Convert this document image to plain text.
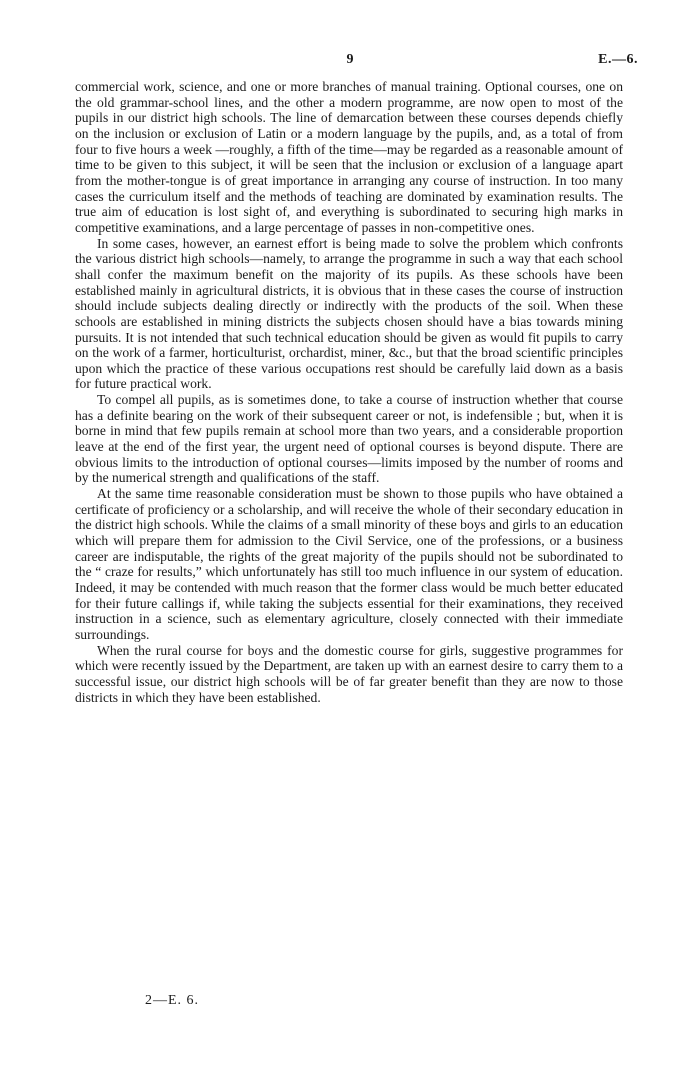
9	E.—6.

commercial work, science, and one or more branches of manual training. Optional courses, one on the old grammar-school lines, and the other a modern programme, are now open to most of the pupils in our district high schools. The line of demarcation between these courses depends chiefly on the inclusion or exclusion of Latin or a modern language by the pupils, and, as a total of from four to five hours a week —roughly, a fifth of the time—may be regarded as a reasonable amount of time to be given to this subject, it will be seen that the inclusion or exclusion of a language apart from the mother-tongue is of great importance in arranging any course of instruction. In too many cases the curriculum itself and the methods of teaching are dominated by examination results. The true aim of education is lost sight of, and everything is subordinated to securing high marks in competitive examinations, and a large percentage of passes in non-competitive ones.

In some cases, however, an earnest effort is being made to solve the problem which confronts the various district high schools—namely, to arrange the programme in such a way that each school shall confer the maximum benefit on the majority of its pupils. As these schools have been established mainly in agricultural districts, it is obvious that in these cases the course of instruction should include subjects dealing directly or indirectly with the products of the soil. When these schools are established in mining districts the subjects chosen should have a bias towards mining pursuits. It is not intended that such technical education should be given as would fit pupils to carry on the work of a farmer, horticulturist, orchardist, miner, &c., but that the broad scientific principles upon which the practice of these various occupations rest should be carefully laid down as a basis for future practical work.

To compel all pupils, as is sometimes done, to take a course of instruction whether that course has a definite bearing on the work of their subsequent career or not, is indefensible ; but, when it is borne in mind that few pupils remain at school more than two years, and a considerable proportion leave at the end of the first year, the urgent need of optional courses is beyond dispute. There are obvious limits to the introduction of optional courses—limits imposed by the number of rooms and by the numerical strength and qualifications of the staff.

At the same time reasonable consideration must be shown to those pupils who have obtained a certificate of proficiency or a scholarship, and will receive the whole of their secondary education in the district high schools. While the claims of a small minority of these boys and girls to an education which will prepare them for admission to the Civil Service, one of the professions, or a business career are indisputable, the rights of the great majority of the pupils should not be subordinated to the “ craze for results,” which unfortunately has still too much influence in our system of education. Indeed, it may be contended with much reason that the former class would be much better educated for their future callings if, while taking the subjects essential for their examinations, they received instruction in a science, such as elementary agriculture, closely connected with their immediate surroundings.

When the rural course for boys and the domestic course for girls, suggestive programmes for which were recently issued by the Department, are taken up with an earnest desire to carry them to a successful issue, our district high schools will be of far greater benefit than they are now to those districts in which they have been established.

2—E. 6.
